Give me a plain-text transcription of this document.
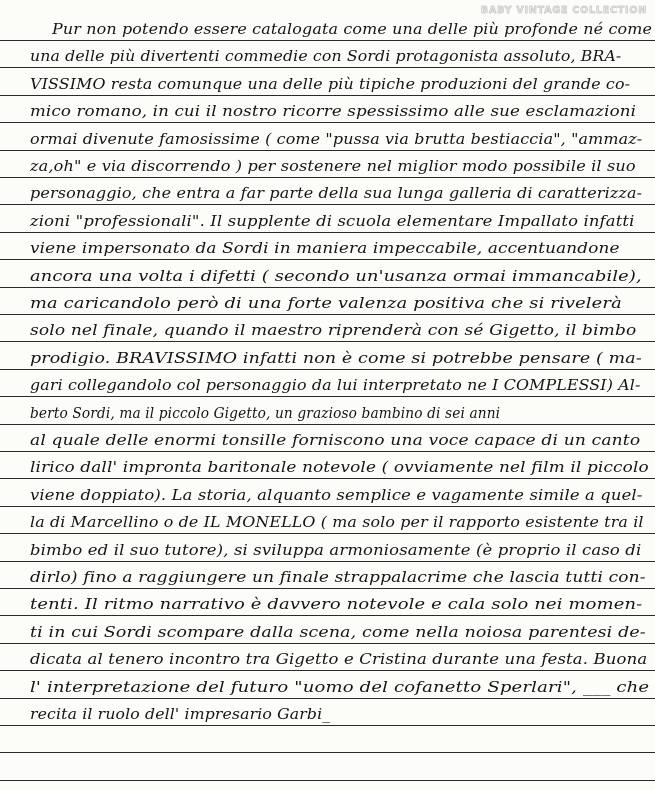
BABY VINTAGE COLLECTION
Pur non potendo essere catalogata come una delle più profonde né come
una delle più divertenti commedie con Sordi protagonista assoluto, BRA-
VISSIMO resta comunque una delle più tipiche produzioni del grande co-
mico romano, in cui il nostro ricorre spessissimo alle sue esclamazioni
ormai divenute famosissime ( come "pussa via brutta bestiaccia", "ammaz-
za,oh" e via discorrendo ) per sostenere nel miglior modo possibile il suo
personaggio, che entra a far parte della sua lunga galleria di caratterizza-
zioni "professionali". Il supplente di scuola elementare Impallato infatti
viene impersonato da Sordi in maniera impeccabile, accentuandone
ancora una volta i difetti ( secondo un'usanza ormai immancabile),
ma caricandolo però di una forte valenza positiva che si rivelerà
solo nel finale, quando il maestro riprenderà con sé Gigetto, il bimbo
prodigio. BRAVISSIMO infatti non è come si potrebbe pensare ( ma-
gari collegandolo col personaggio da lui interpretato ne I COMPLESSI) Al-
berto Sordi, ma il piccolo Gigetto, un grazioso bambino di sei anni
al quale delle enormi tonsille forniscono una voce capace di un canto
lirico dall' impronta baritonale notevole ( ovviamente nel film il piccolo
viene doppiato). La storia, alquanto semplice e vagamente simile a quel-
la di Marcellino o de IL MONELLO ( ma solo per il rapporto esistente tra il
bimbo ed il suo tutore), si sviluppa armoniosamente (è proprio il caso di
dirlo) fino a raggiungere un finale strappalacrime che lascia tutti con-
tenti. Il ritmo narrativo è davvero notevole e cala solo nei momen-
ti in cui Sordi scompare dalla scena, come nella noiosa parentesi de-
dicata al tenero incontro tra Gigetto e Cristina durante una festa. Buona
l' interpretazione del futuro "uomo del cofanetto Sperlari", ___ che
recita il ruolo dell' impresario Garbi_
